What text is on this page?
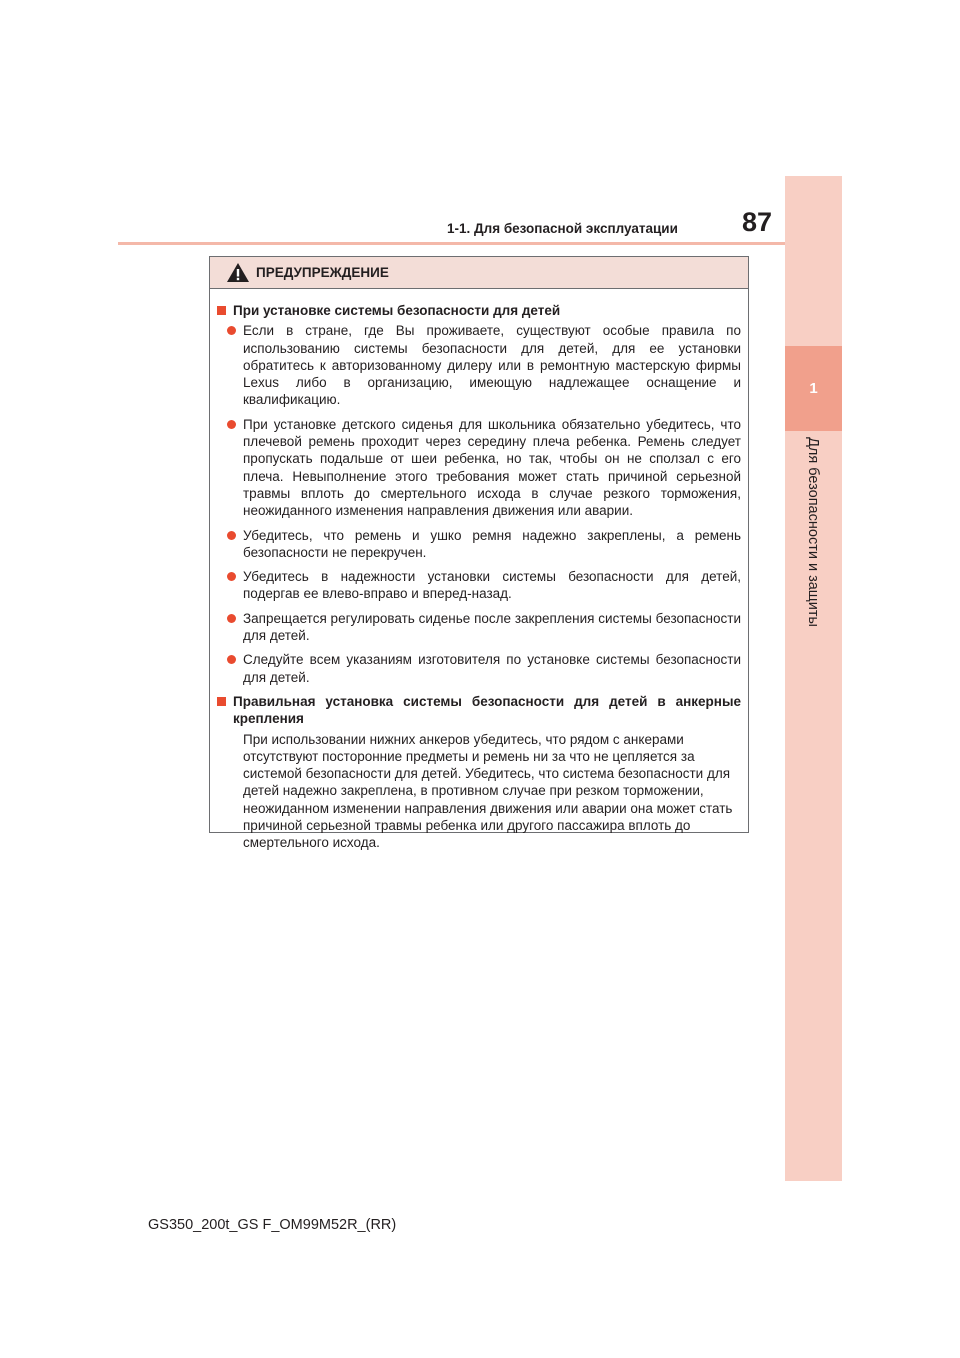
1
Для безопасности и защиты
1-1. Для безопасной эксплуатации 87
ПРЕДУПРЕЖДЕНИЕ
При установке системы безопасности для детей
Если в стране, где Вы проживаете, существуют особые правила по использованию системы безопасности для детей, для ее установки обратитесь к авторизованному дилеру или в ремонтную мастерскую фирмы Lexus либо в организацию, имеющую надлежащее оснащение и квалификацию.
При установке детского сиденья для школьника обязательно убедитесь, что плечевой ремень проходит через середину плеча ребенка. Ремень следует пропускать подальше от шеи ребенка, но так, чтобы он не сползал с его плеча. Невыполнение этого требования может стать причиной серьезной травмы вплоть до смертельного исхода в случае резкого торможения, неожиданного изменения направления движения или аварии.
Убедитесь, что ремень и ушко ремня надежно закреплены, а ремень безопасности не перекручен.
Убедитесь в надежности установки системы безопасности для детей, подергав ее влево-вправо и вперед-назад.
Запрещается регулировать сиденье после закрепления системы безопасности для детей.
Следуйте всем указаниям изготовителя по установке системы безопасности для детей.
Правильная установка системы безопасности для детей в анкерные крепления
При использовании нижних анкеров убедитесь, что рядом с анкерами отсутствуют посторонние предметы и ремень ни за что не цепляется за системой безопасности для детей. Убедитесь, что система безопасности для детей надежно закреплена, в противном случае при резком торможении, неожиданном изменении направления движения или аварии она может стать причиной серьезной травмы ребенка или другого пассажира вплоть до смертельного исхода.
GS350_200t_GS F_OM99M52R_(RR)
